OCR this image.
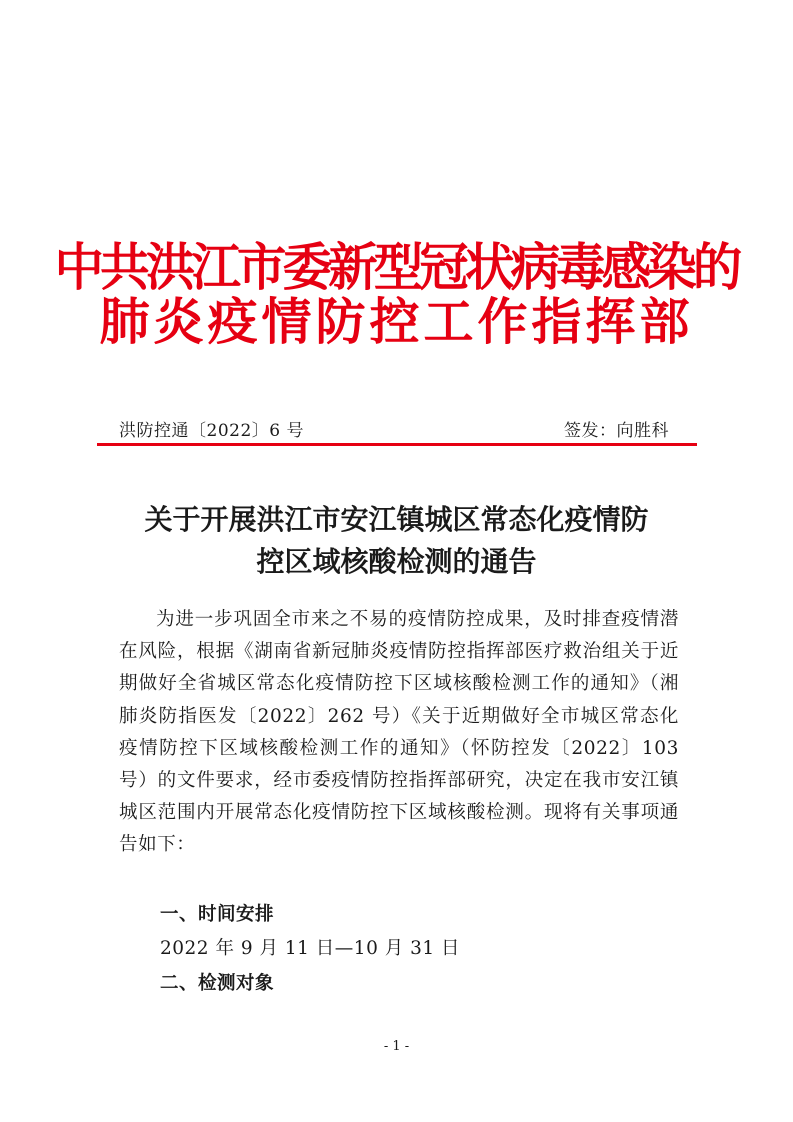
中共洪江市委新型冠状病毒感染的
肺炎疫情防控工作指挥部
洪防控通〔2022〕6 号	签发：向胜科
关于开展洪江市安江镇城区常态化疫情防
控区域核酸检测的通告

为进一步巩固全市来之不易的疫情防控成果，及时排查疫情潜在风险，根据《湖南省新冠肺炎疫情防控指挥部医疗救治组关于近期做好全省城区常态化疫情防控下区域核酸检测工作的通知》（湘肺炎防指医发〔2022〕262 号）《关于近期做好全市城区常态化疫情防控下区域核酸检测工作的通知》（怀防控发〔2022〕103 号）的文件要求，经市委疫情防控指挥部研究，决定在我市安江镇城区范围内开展常态化疫情防控下区域核酸检测。现将有关事项通告如下：

一、时间安排
2022 年 9 月 11 日—10 月 31 日
二、检测对象
- 1 -
